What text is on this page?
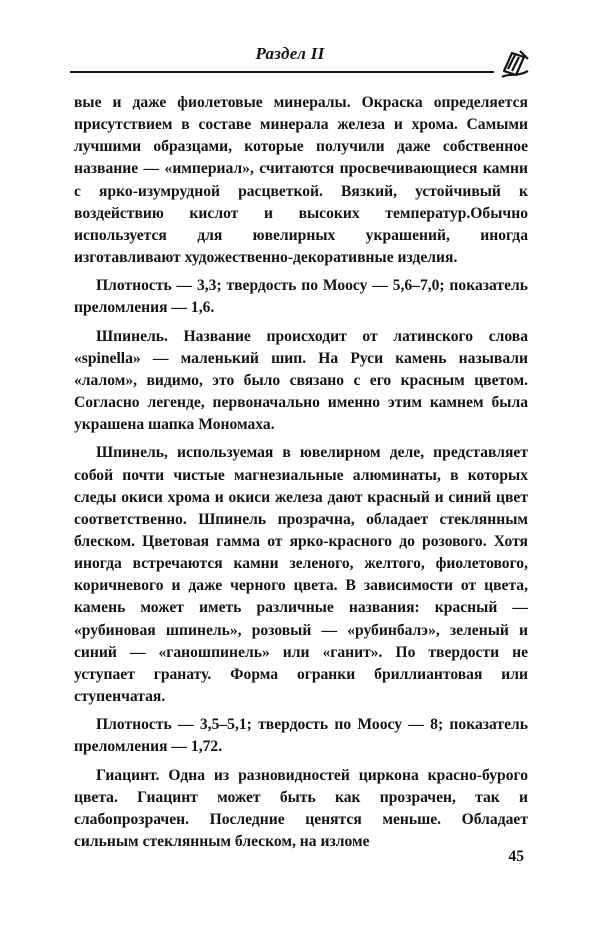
Раздел II

вые и даже фиолетовые минералы. Окраска определяется присутствием в составе минерала железа и хрома. Самыми лучшими образцами, которые получили даже собственное название — «империал», считаются просвечивающиеся камни с ярко-изумрудной расцветкой. Вязкий, устойчивый к воздействию кислот и высоких температур.Обычно используется для ювелирных украшений, иногда изготавливают художественно-декоративные изделия.

Плотность — 3,3; твердость по Моосу — 5,6–7,0; показатель преломления — 1,6.

Шпинель. Название происходит от латинского слова «spinella» — маленький шип. На Руси камень называли «лалом», видимо, это было связано с его красным цветом. Согласно легенде, первоначально именно этим камнем была украшена шапка Мономаха.

Шпинель, используемая в ювелирном деле, представляет собой почти чистые магнезиальные алюминаты, в которых следы окиси хрома и окиси железа дают красный и синий цвет соответственно. Шпинель прозрачна, обладает стеклянным блеском. Цветовая гамма от ярко-красного до розового. Хотя иногда встречаются камни зеленого, желтого, фиолетового, коричневого и даже черного цвета. В зависимости от цвета, камень может иметь различные названия: красный — «рубиновая шпинель», розовый — «рубинбалэ», зеленый и синий — «ганошпинель» или «ганит». По твердости не уступает гранату. Форма огранки бриллиантовая или ступенчатая.

Плотность — 3,5–5,1; твердость по Моосу — 8; показатель преломления — 1,72.

Гиацинт. Одна из разновидностей циркона красно-бурого цвета. Гиацинт может быть как прозрачен, так и слабопрозрачен. Последние ценятся меньше. Обладает сильным стеклянным блеском, на изломе

45
